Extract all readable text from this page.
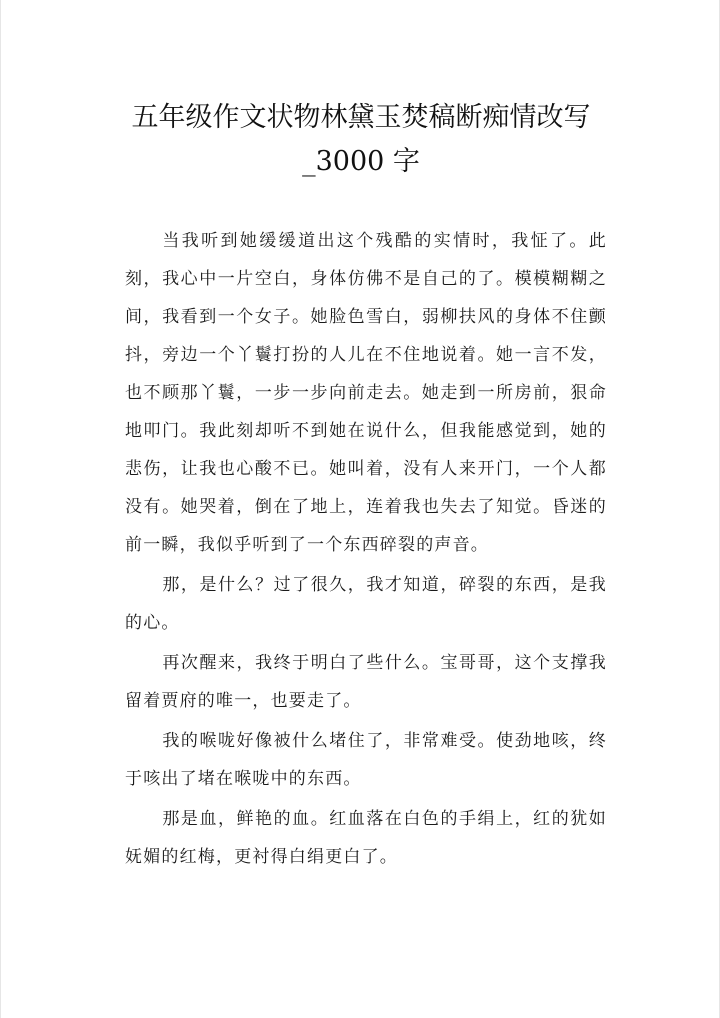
五年级作文状物林黛玉焚稿断痴情改写
_3000 字

当我听到她缓缓道出这个残酷的实情时，我怔了。此刻，我心中一片空白，身体仿佛不是自己的了。模模糊糊之间，我看到一个女子。她脸色雪白，弱柳扶风的身体不住颤抖，旁边一个丫鬟打扮的人儿在不住地说着。她一言不发，也不顾那丫鬟，一步一步向前走去。她走到一所房前，狠命地叩门。我此刻却听不到她在说什么，但我能感觉到，她的悲伤，让我也心酸不已。她叫着，没有人来开门，一个人都没有。她哭着，倒在了地上，连着我也失去了知觉。昏迷的前一瞬，我似乎听到了一个东西碎裂的声音。

那，是什么？过了很久，我才知道，碎裂的东西，是我的心。

再次醒来，我终于明白了些什么。宝哥哥，这个支撑我留着贾府的唯一，也要走了。

我的喉咙好像被什么堵住了，非常难受。使劲地咳，终于咳出了堵在喉咙中的东西。

那是血，鲜艳的血。红血落在白色的手绢上，红的犹如妩媚的红梅，更衬得白绢更白了。
